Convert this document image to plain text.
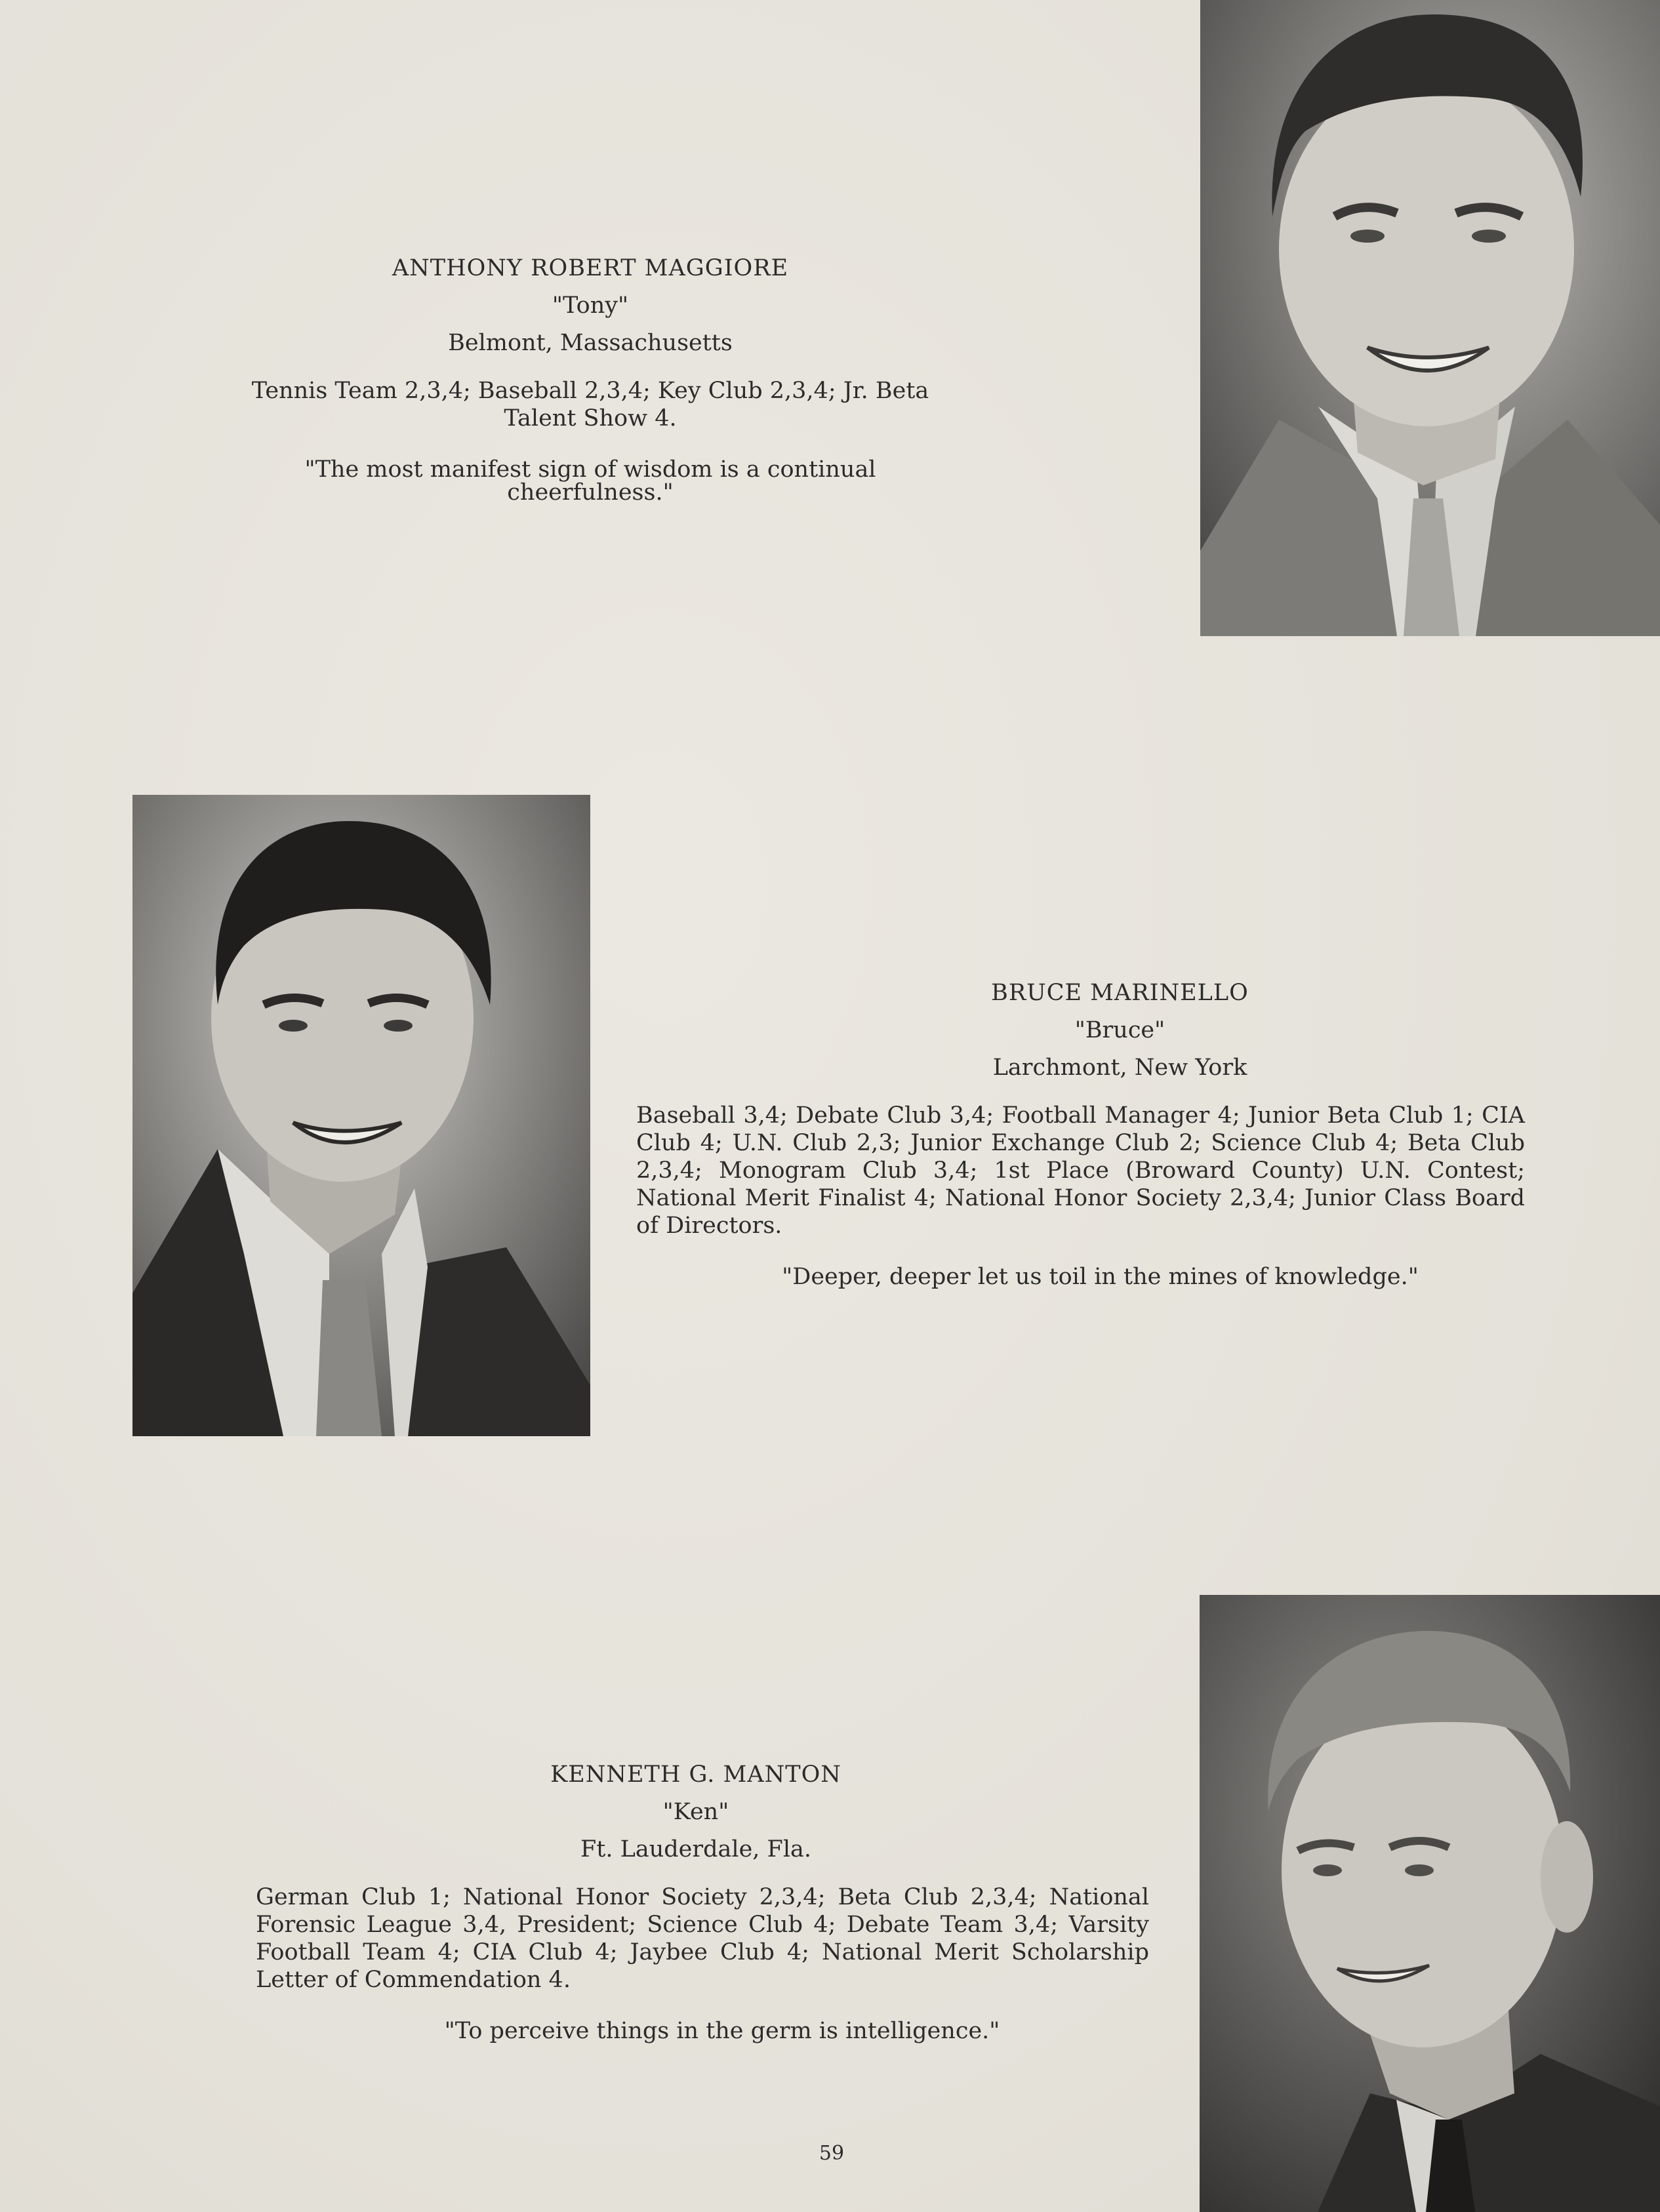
ANTHONY ROBERT MAGGIORE

"Tony"

Belmont, Massachusetts

Tennis Team 2,3,4; Baseball 2,3,4; Key Club 2,3,4; Jr. Beta Talent Show 4.

"The most manifest sign of wisdom is a continual cheerfulness."

BRUCE MARINELLO

"Bruce"

Larchmont, New York

Baseball 3,4; Debate Club 3,4; Football Manager 4; Junior Beta Club 1; CIA Club 4; U.N. Club 2,3; Junior Exchange Club 2; Science Club 4; Beta Club 2,3,4; Monogram Club 3,4; 1st Place (Broward County) U.N. Contest; National Merit Finalist 4; National Honor Society 2,3,4; Junior Class Board of Directors.

"Deeper, deeper let us toil in the mines of knowledge."

KENNETH G. MANTON

"Ken"

Ft. Lauderdale, Fla.

German Club 1; National Honor Society 2,3,4; Beta Club 2,3,4; National Forensic League 3,4, President; Science Club 4; Debate Team 3,4; Varsity Football Team 4; CIA Club 4; Jaybee Club 4; National Merit Scholarship Letter of Commendation 4.

"To perceive things in the germ is intelligence."

59
